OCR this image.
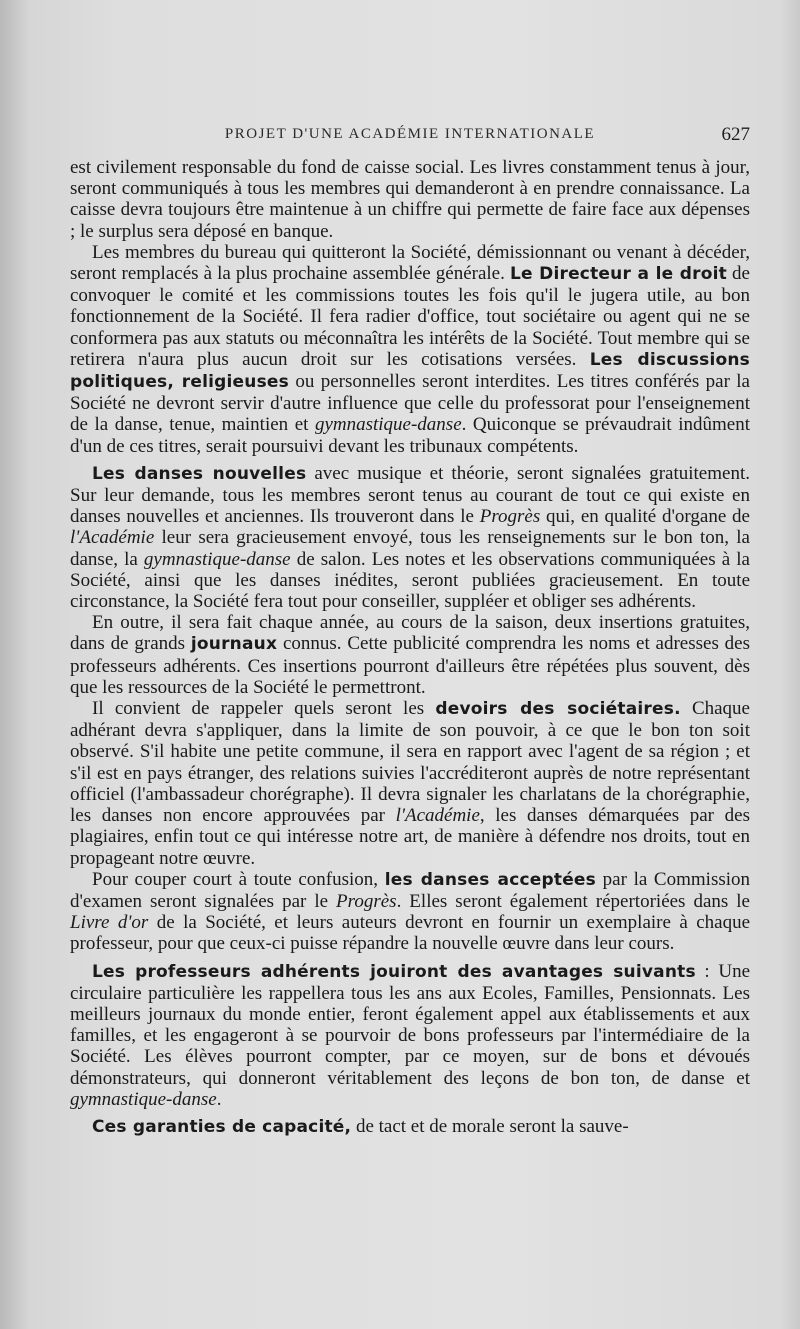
PROJET D'UNE ACADÉMIE INTERNATIONALE	627

est civilement responsable du fond de caisse social. Les livres constamment tenus à jour, seront communiqués à tous les membres qui demanderont à en prendre connaissance. La caisse devra toujours être maintenue à un chiffre qui permette de faire face aux dépenses ; le surplus sera déposé en banque.

Les membres du bureau qui quitteront la Société, démissionnant ou venant à décéder, seront remplacés à la plus prochaine assemblée générale. Le Directeur a le droit de convoquer le comité et les commissions toutes les fois qu'il le jugera utile, au bon fonctionnement de la Société. Il fera radier d'office, tout sociétaire ou agent qui ne se conformera pas aux statuts ou méconnaîtra les intérêts de la Société. Tout membre qui se retirera n'aura plus aucun droit sur les cotisations versées. Les discussions politiques, religieuses ou personnelles seront interdites. Les titres conférés par la Société ne devront servir d'autre influence que celle du professorat pour l'enseignement de la danse, tenue, maintien et gymnastique-danse. Quiconque se prévaudrait indûment d'un de ces titres, serait poursuivi devant les tribunaux compétents.

Les danses nouvelles avec musique et théorie, seront signalées gratuitement. Sur leur demande, tous les membres seront tenus au courant de tout ce qui existe en danses nouvelles et anciennes. Ils trouveront dans le Progrès qui, en qualité d'organe de l'Académie leur sera gracieusement envoyé, tous les renseignements sur le bon ton, la danse, la gymnastique-danse de salon. Les notes et les observations communiquées à la Société, ainsi que les danses inédites, seront publiées gracieusement. En toute circonstance, la Société fera tout pour conseiller, suppléer et obliger ses adhérents.

En outre, il sera fait chaque année, au cours de la saison, deux insertions gratuites, dans de grands journaux connus. Cette publicité comprendra les noms et adresses des professeurs adhérents. Ces insertions pourront d'ailleurs être répétées plus souvent, dès que les ressources de la Société le permettront.

Il convient de rappeler quels seront les devoirs des sociétaires. Chaque adhérant devra s'appliquer, dans la limite de son pouvoir, à ce que le bon ton soit observé. S'il habite une petite commune, il sera en rapport avec l'agent de sa région ; et s'il est en pays étranger, des relations suivies l'accréditeront auprès de notre représentant officiel (l'ambassadeur chorégraphe). Il devra signaler les charlatans de la chorégraphie, les danses non encore approuvées par l'Académie, les danses démarquées par des plagiaires, enfin tout ce qui intéresse notre art, de manière à défendre nos droits, tout en propageant notre œuvre.

Pour couper court à toute confusion, les danses acceptées par la Commission d'examen seront signalées par le Progrès. Elles seront également répertoriées dans le Livre d'or de la Société, et leurs auteurs devront en fournir un exemplaire à chaque professeur, pour que ceux-ci puisse répandre la nouvelle œuvre dans leur cours.

Les professeurs adhérents jouiront des avantages suivants : Une circulaire particulière les rappellera tous les ans aux Ecoles, Familles, Pensionnats. Les meilleurs journaux du monde entier, feront également appel aux établissements et aux familles, et les engageront à se pourvoir de bons professeurs par l'intermédiaire de la Société. Les élèves pourront compter, par ce moyen, sur de bons et dévoués démonstrateurs, qui donneront véritablement des leçons de bon ton, de danse et gymnastique-danse.

Ces garanties de capacité, de tact et de morale seront la sauve-
